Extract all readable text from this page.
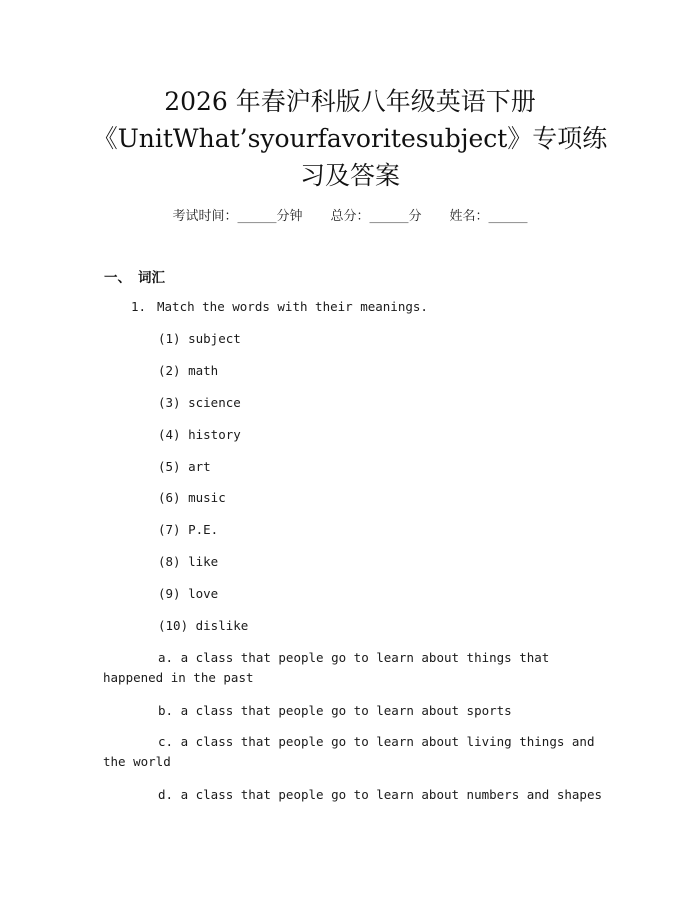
2026 年春沪科版八年级英语下册
《UnitWhat’syourfavoritesubject》专项练
习及答案
考试时间：______分钟 总分：______分 姓名：______
一、 词汇
1. Match the words with their meanings.
(1) subject
(2) math
(3) science
(4) history
(5) art
(6) music
(7) P.E.
(8) like
(9) love
(10) dislike
a. a class that people go to learn about things that happened in the past
b. a class that people go to learn about sports
c. a class that people go to learn about living things and the world
d. a class that people go to learn about numbers and shapes
